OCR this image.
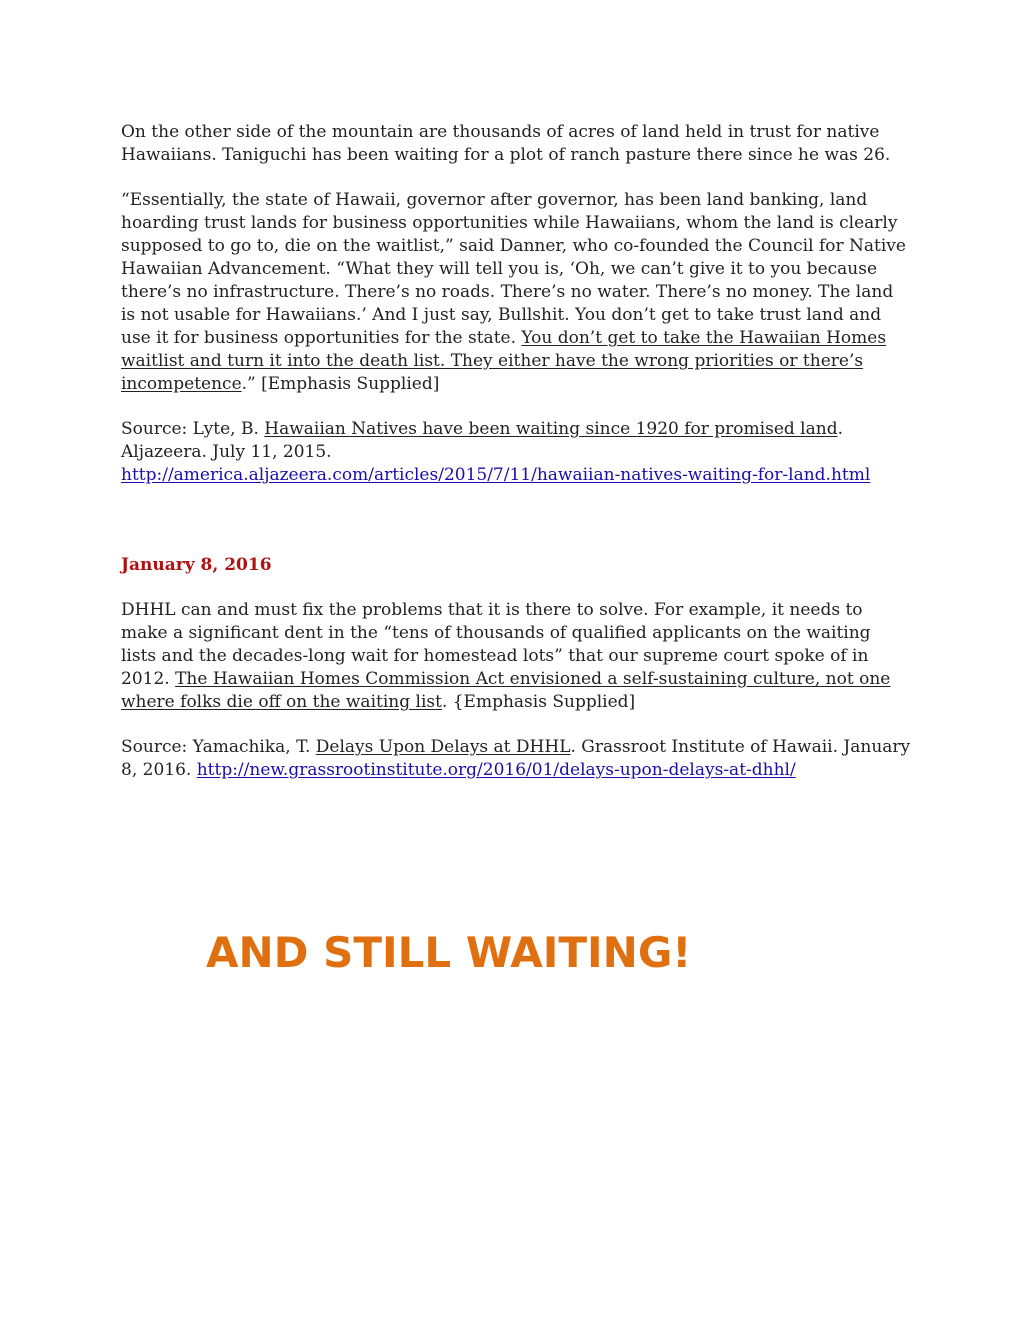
On the other side of the mountain are thousands of acres of land held in trust for native Hawaiians. Taniguchi has been waiting for a plot of ranch pasture there since he was 26.

“Essentially, the state of Hawaii, governor after governor, has been land banking, land hoarding trust lands for business opportunities while Hawaiians, whom the land is clearly supposed to go to, die on the waitlist,” said Danner, who co-founded the Council for Native Hawaiian Advancement. “What they will tell you is, ‘Oh, we can’t give it to you because there’s no infrastructure. There’s no roads. There’s no water. There’s no money. The land is not usable for Hawaiians.’ And I just say, Bullshit. You don’t get to take trust land and use it for business opportunities for the state. You don’t get to take the Hawaiian Homes waitlist and turn it into the death list. They either have the wrong priorities or there’s incompetence.” [Emphasis Supplied]

Source: Lyte, B. Hawaiian Natives have been waiting since 1920 for promised land. Aljazeera. July 11, 2015.
http://america.aljazeera.com/articles/2015/7/11/hawaiian-natives-waiting-for-land.html

January 8, 2016

DHHL can and must fix the problems that it is there to solve. For example, it needs to make a significant dent in the “tens of thousands of qualified applicants on the waiting lists and the decades-long wait for homestead lots” that our supreme court spoke of in 2012. The Hawaiian Homes Commission Act envisioned a self-sustaining culture, not one where folks die off on the waiting list. {Emphasis Supplied]

Source: Yamachika, T. Delays Upon Delays at DHHL. Grassroot Institute of Hawaii. January 8, 2016. http://new.grassrootinstitute.org/2016/01/delays-upon-delays-at-dhhl/

AND STILL WAITING!
